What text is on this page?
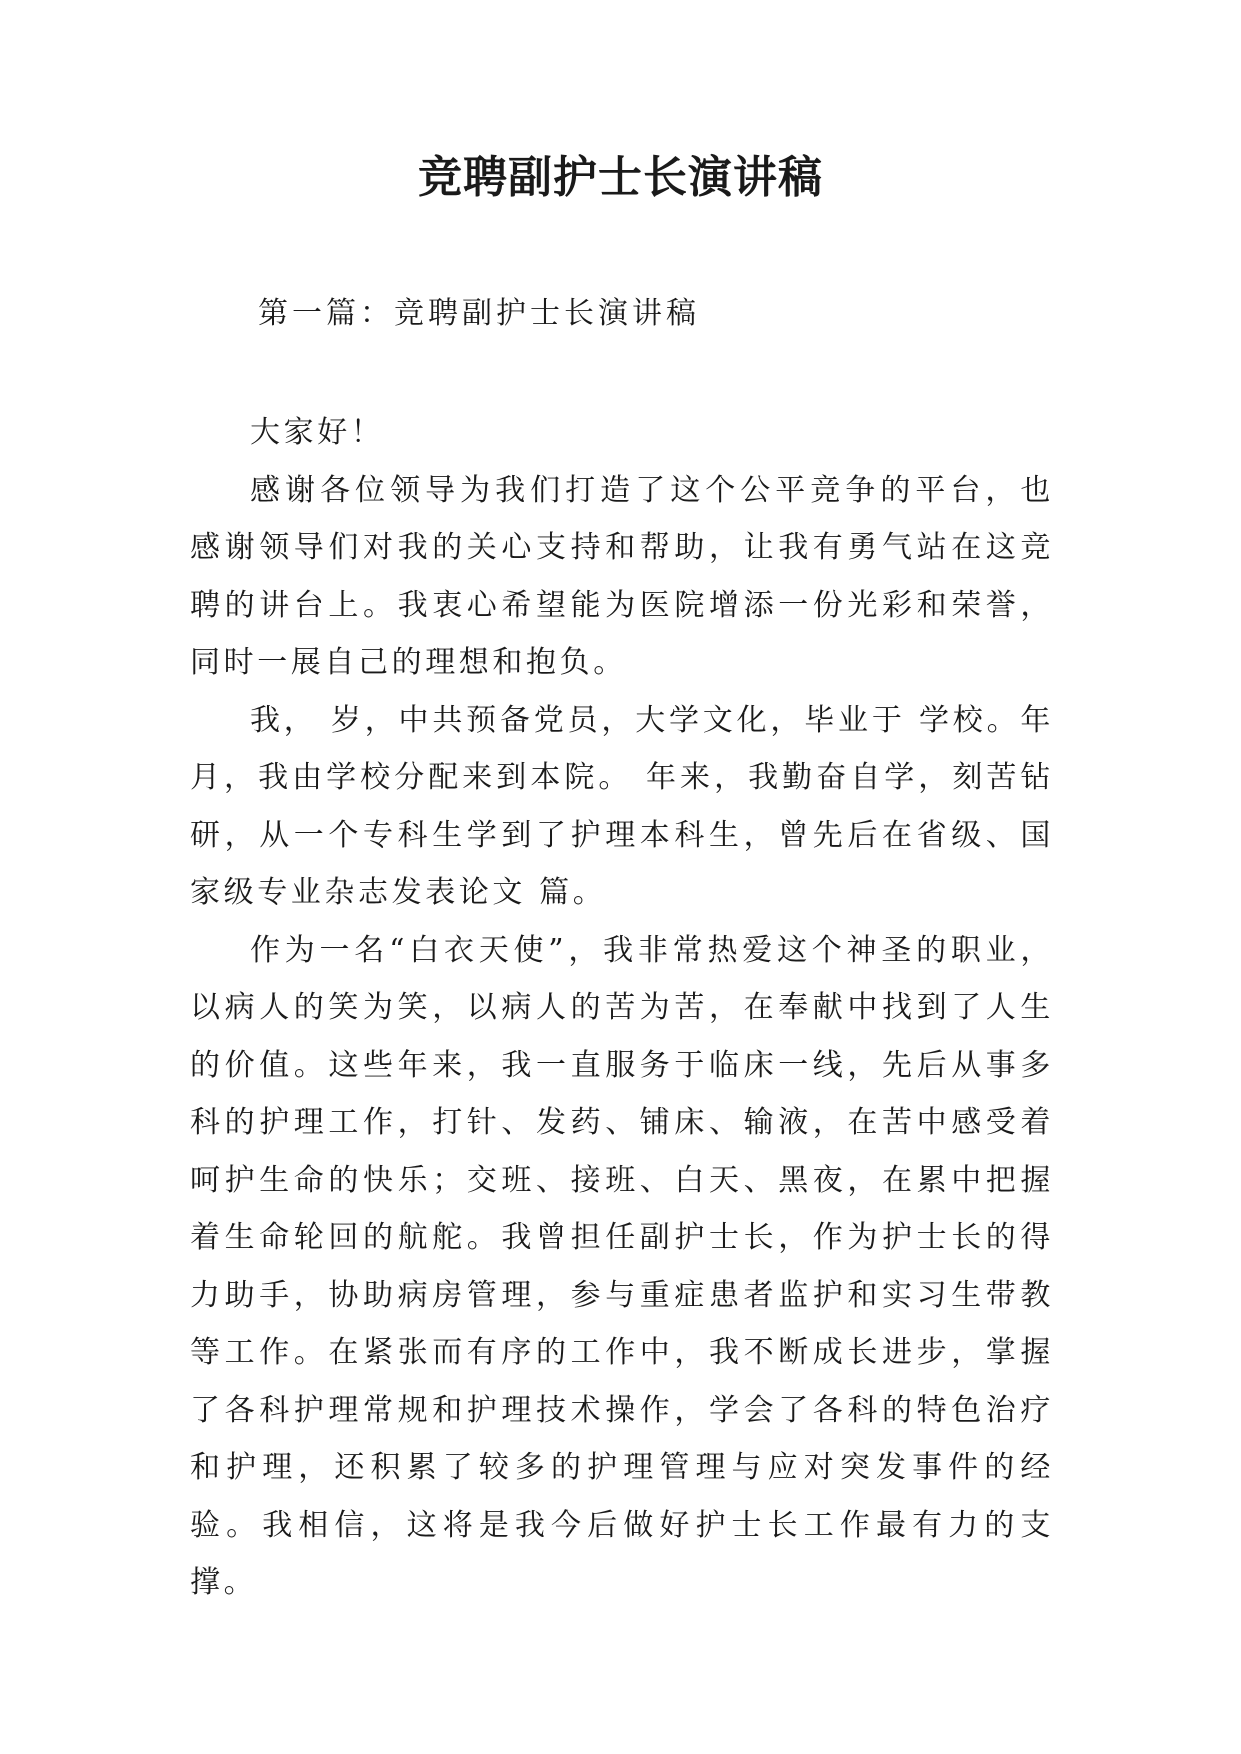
竞聘副护士长演讲稿
第一篇：竞聘副护士长演讲稿

大家好！

感谢各位领导为我们打造了这个公平竞争的平台，也感谢领导们对我的关心支持和帮助，让我有勇气站在这竞聘的讲台上。我衷心希望能为医院增添一份光彩和荣誉，同时一展自己的理想和抱负。

我， 岁，中共预备党员，大学文化，毕业于 学校。年 月，我由学校分配来到本院。 年来，我勤奋自学，刻苦钻研，从一个专科生学到了护理本科生，曾先后在省级、国家级专业杂志发表论文 篇。

作为一名“白衣天使”，我非常热爱这个神圣的职业，以病人的笑为笑，以病人的苦为苦，在奉献中找到了人生的价值。这些年来，我一直服务于临床一线，先后从事多科的护理工作，打针、发药、铺床、输液，在苦中感受着呵护生命的快乐；交班、接班、白天、黑夜，在累中把握着生命轮回的航舵。我曾担任副护士长，作为护士长的得力助手，协助病房管理，参与重症患者监护和实习生带教等工作。在紧张而有序的工作中，我不断成长进步，掌握了各科护理常规和护理技术操作，学会了各科的特色治疗和护理，还积累了较多的护理管理与应对突发事件的经验。我相信，这将是我今后做好护士长工作最有力的支撑。
